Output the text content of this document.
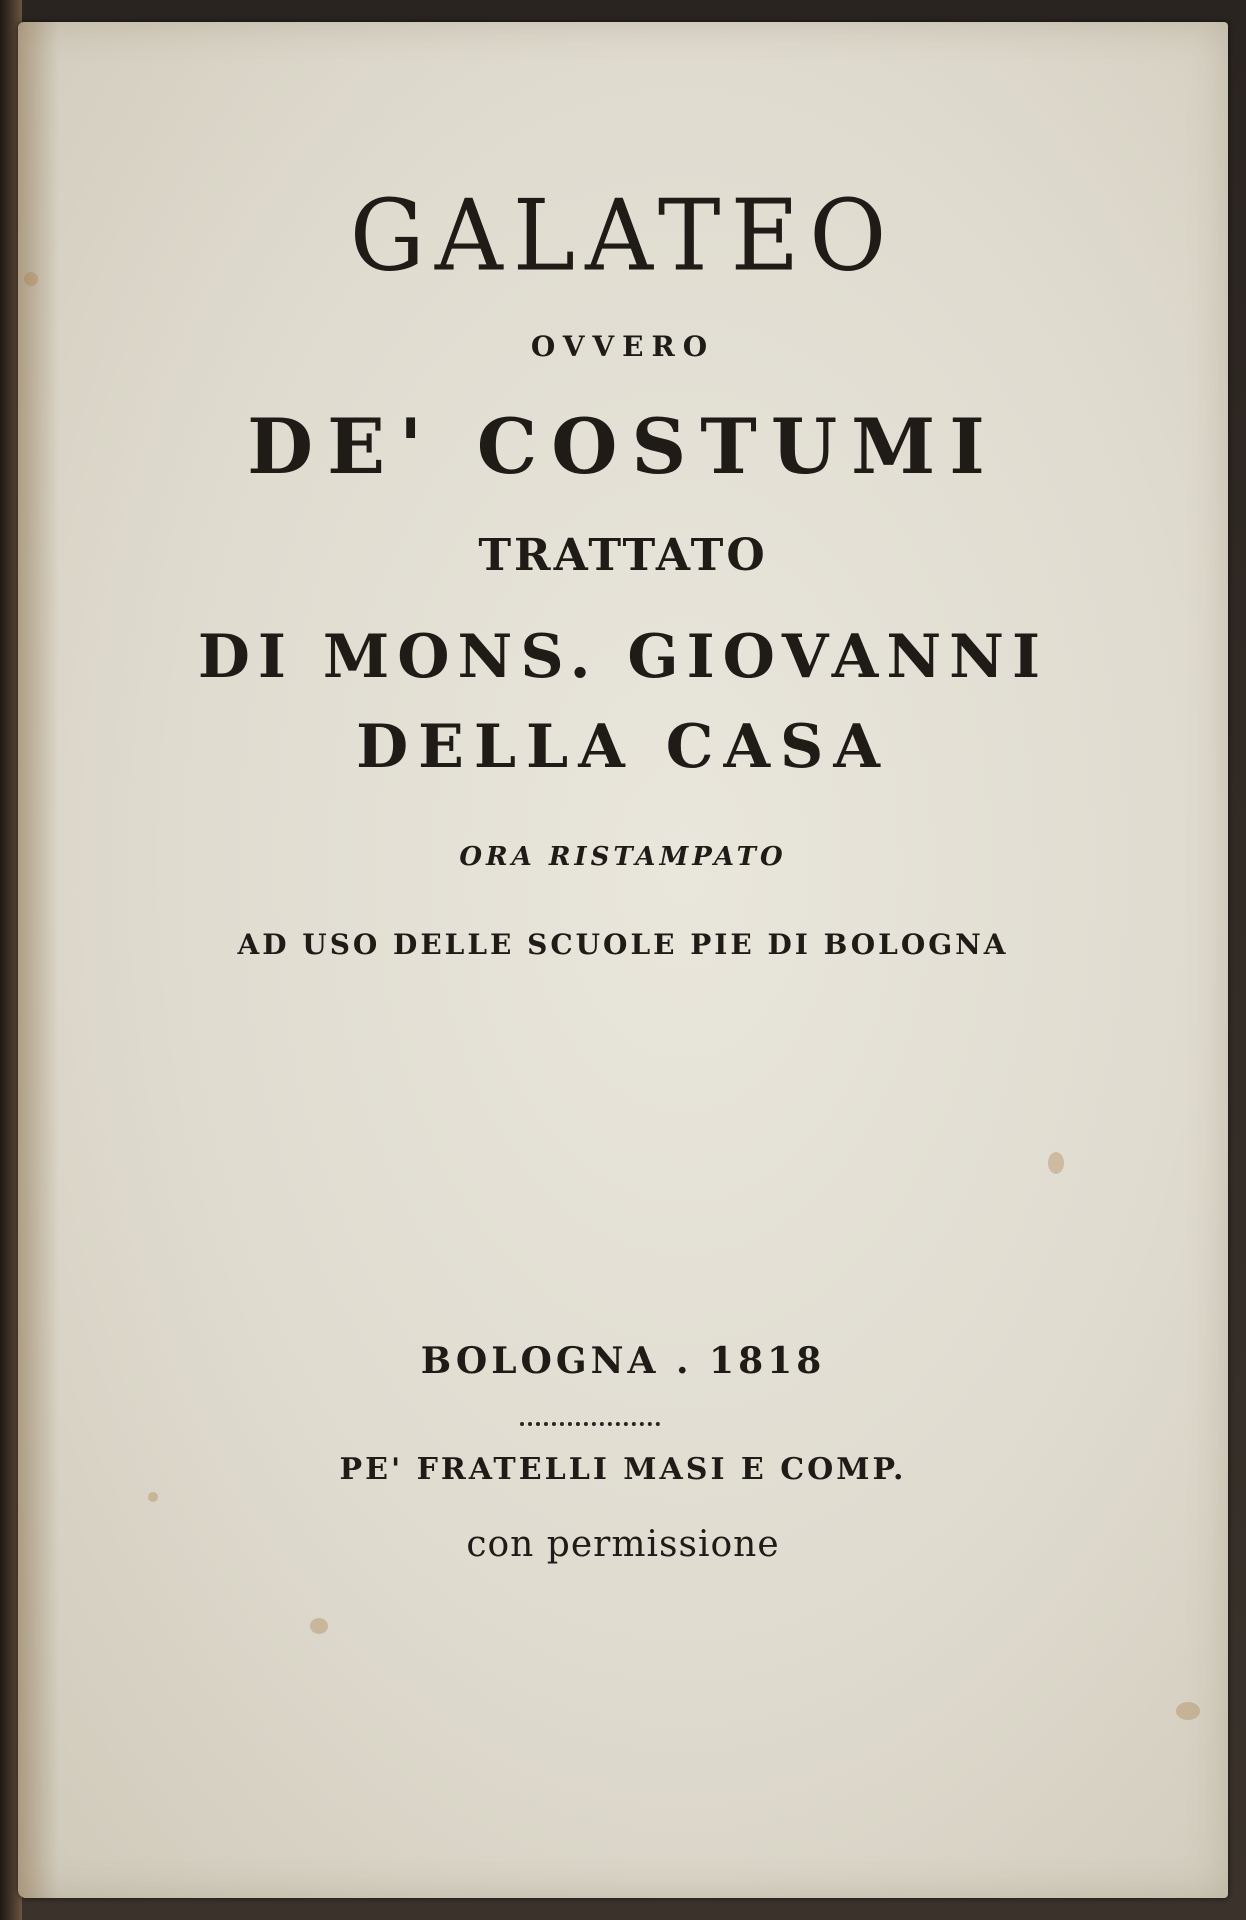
GALATEO
OVVERO
DE' COSTUMI
TRATTATO
DI MONS. GIOVANNI
DELLA CASA
ORA RISTAMPATO
AD USO DELLE SCUOLE PIE DI BOLOGNA
BOLOGNA . 1818
PE' FRATELLI MASI E COMP.
con permissione
